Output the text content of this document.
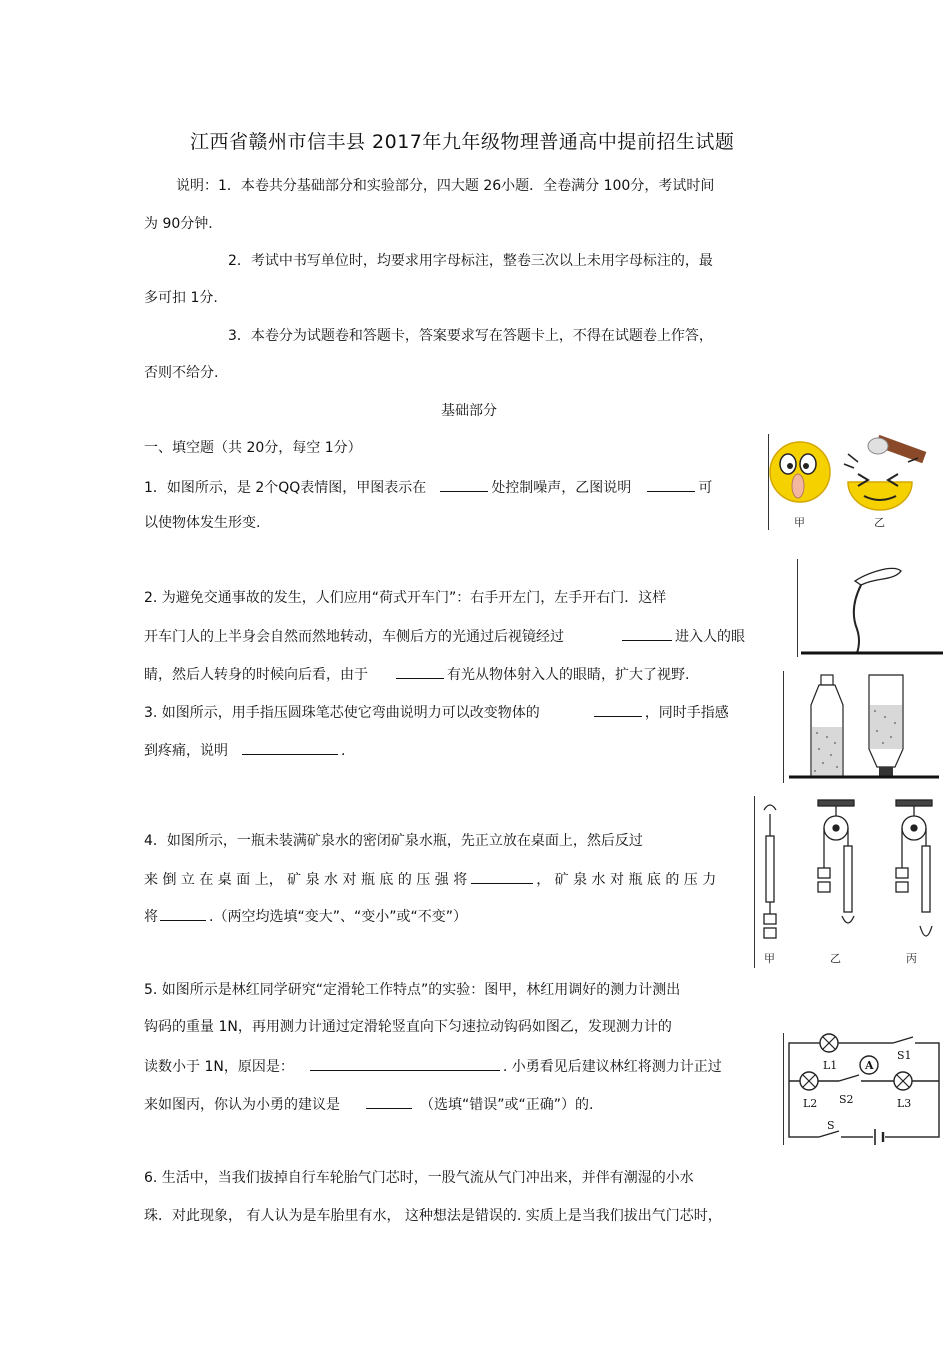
江西省赣州市信丰县 2017年九年级物理普通高中提前招生试题
说明：1．本卷共分基础部分和实验部分，四大题 26小题．全卷满分 100分，考试时间
为 90分钟.
2．考试中书写单位时，均要求用字母标注，整卷三次以上未用字母标注的，最
多可扣 1分.
3．本卷分为试题卷和答题卡，答案要求写在答题卡上，不得在试题卷上作答，
否则不给分.
基础部分
一、填空题（共 20分，每空 1分）
1．如图所示，是 2个QQ表情图，甲图表示在	处控制噪声，乙图说明	可
以使物体发生形变.
2. 为避免交通事故的发生，人们应用“荷式开车门”：右手开左门，左手开右门．这样
开车门人的上半身会自然而然地转动，车侧后方的光通过后视镜经过	进入人的眼
睛，然后人转身的时候向后看，由于	有光从物体射入人的眼睛，扩大了视野.
3. 如图所示，用手指压圆珠笔芯使它弯曲说明力可以改变物体的	，同时手指感
到疼痛，说明	.
4．如图所示，一瓶未装满矿泉水的密闭矿泉水瓶，先正立放在桌面上，然后反过
来 倒 立 在 桌 面 上， 矿 泉 水 对 瓶 底 的 压 强 将	， 矿 泉 水 对 瓶 底 的 压 力
将	.（两空均选填“变大”、“变小”或“不变”）
5. 如图所示是林红同学研究“定滑轮工作特点”的实验：图甲，林红用调好的测力计测出
钩码的重量 1N，再用测力计通过定滑轮竖直向下匀速拉动钩码如图乙，发现测力计的
读数小于 1N，原因是：	. 小勇看见后建议林红将测力计正过
来如图丙，你认为小勇的建议是	（选填“错误”或“正确”）的.
6. 生活中，当我们拔掉自行车轮胎气门芯时，一股气流从气门冲出来，并伴有潮湿的小水
珠．对此现象， 有人认为是车胎里有水， 这种想法是错误的. 实质上是当我们拔出气门芯时，
甲	乙
甲	乙	丙
L1	A
S1
L2 S2	L3
S
